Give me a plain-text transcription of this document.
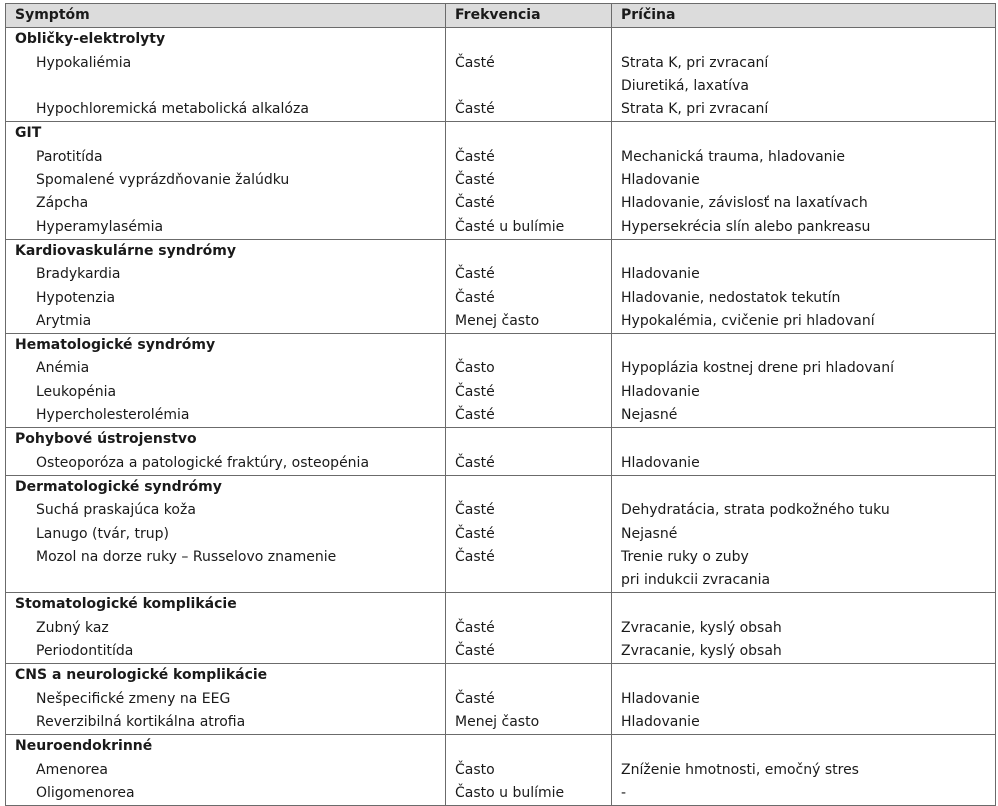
Symptóm	Frekvencia	Príčina
Obličky-elektrolyty		
Hypokaliémia	Časté	Strata K, pri zvracaní
		Diuretiká, laxatíva
Hypochloremická metabolická alkalóza	Časté	Strata K, pri zvracaní
GIT		
Parotitída	Časté	Mechanická trauma, hladovanie
Spomalené vyprázdňovanie žalúdku	Časté	Hladovanie
Zápcha	Časté	Hladovanie, závislosť na laxatívach
Hyperamylasémia	Časté u bulímie	Hypersekrécia slín alebo pankreasu
Kardiovaskulárne syndrómy		
Bradykardia	Časté	Hladovanie
Hypotenzia	Časté	Hladovanie, nedostatok tekutín
Arytmia	Menej často	Hypokalémia, cvičenie pri hladovaní
Hematologické syndrómy		
Anémia	Často	Hypoplázia kostnej drene pri hladovaní
Leukopénia	Časté	Hladovanie
Hypercholesterolémia	Časté	Nejasné
Pohybové ústrojenstvo		
Osteoporóza a patologické fraktúry, osteopénia	Časté	Hladovanie
Dermatologické syndrómy		
Suchá praskajúca koža	Časté	Dehydratácia, strata podkožného tuku
Lanugo (tvár, trup)	Časté	Nejasné
Mozol na dorze ruky – Russelovo znamenie	Časté	Trenie ruky o zuby
		pri indukcii zvracania
Stomatologické komplikácie		
Zubný kaz	Časté	Zvracanie, kyslý obsah
Periodontitída	Časté	Zvracanie, kyslý obsah
CNS a neurologické komplikácie		
Nešpecifické zmeny na EEG	Časté	Hladovanie
Reverzibilná kortikálna atrofia	Menej často	Hladovanie
Neuroendokrinné		
Amenorea	Často	Zníženie hmotnosti, emočný stres
Oligomenorea	Často u bulímie	-
